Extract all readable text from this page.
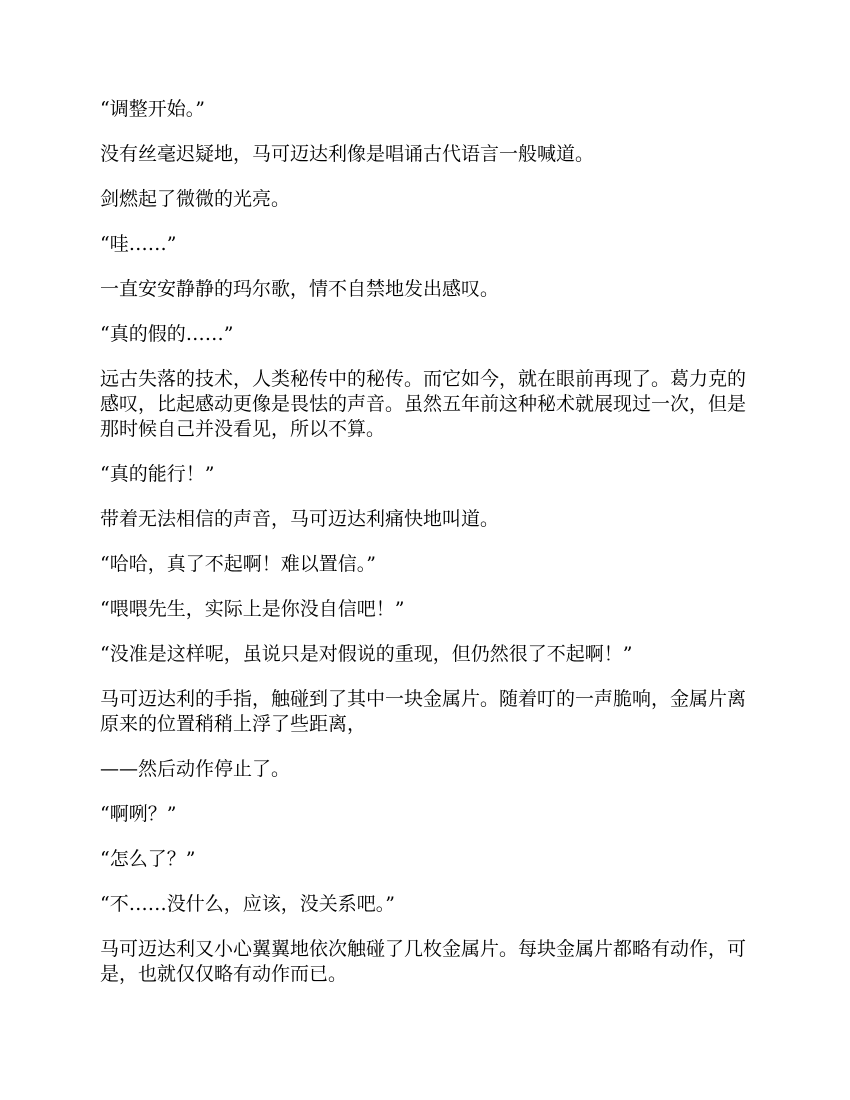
“调整开始。”

没有丝毫迟疑地，马可迈达利像是唱诵古代语言一般喊道。

剑燃起了微微的光亮。

“哇……”

一直安安静静的玛尔歌，情不自禁地发出感叹。

“真的假的……”

远古失落的技术，人类秘传中的秘传。而它如今，就在眼前再现了。葛力克的感叹，比起感动更像是畏怯的声音。虽然五年前这种秘术就展现过一次，但是那时候自己并没看见，所以不算。

“真的能行！”

带着无法相信的声音，马可迈达利痛快地叫道。

“哈哈，真了不起啊！难以置信。”

“喂喂先生，实际上是你没自信吧！”

“没准是这样呢，虽说只是对假说的重现，但仍然很了不起啊！”

马可迈达利的手指，触碰到了其中一块金属片。随着叮的一声脆响，金属片离原来的位置稍稍上浮了些距离，

——然后动作停止了。

“啊咧？”

“怎么了？”

“不……没什么，应该，没关系吧。”

马可迈达利又小心翼翼地依次触碰了几枚金属片。每块金属片都略有动作，可是，也就仅仅略有动作而已。
